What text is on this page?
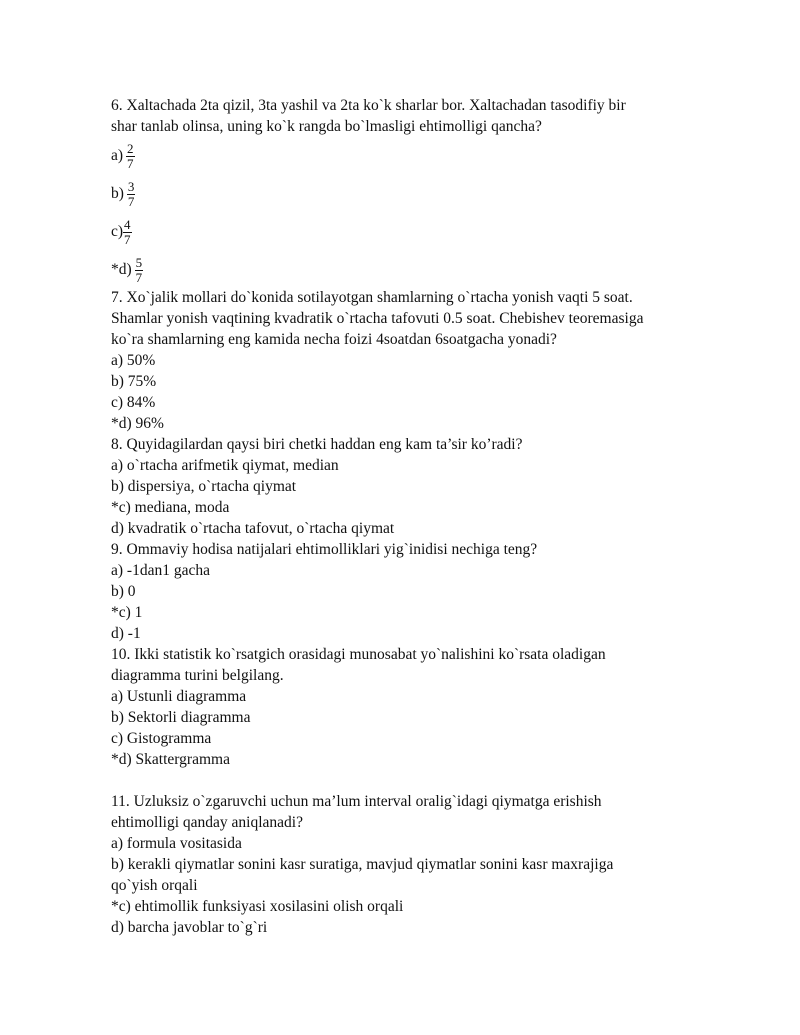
6. Xaltachada 2ta qizil, 3ta yashil va 2ta ko`k sharlar bor. Xaltachadan tasodifiy bir
shar tanlab olinsa, uning ko`k rangda bo`lmasligi ehtimolligi qancha?
$a) \frac{2}{7}$
$b) \frac{3}{7}$
$c) \frac{4}{7}$
$*d) \frac{5}{7}$
7. Xo`jalik mollari do`konida sotilayotgan shamlarning o`rtacha yonish vaqti 5 soat.
Shamlar yonish vaqtining kvadratik o`rtacha tafovuti 0.5 soat. Chebishev teoremasiga
ko`ra shamlarning eng kamida necha foizi 4soatdan 6soatgacha yonadi?
a) 50%
b) 75%
c) 84%
*d) 96%
8. Quyidagilardan qaysi biri chetki haddan eng kam ta’sir ko’radi?
a) o`rtacha arifmetik qiymat, median
b) dispersiya, o`rtacha qiymat
*c) mediana, moda
d) kvadratik o`rtacha tafovut, o`rtacha qiymat
9. Ommaviy hodisa natijalari ehtimolliklari yig`inidisi nechiga teng?
a) -1dan1 gacha
b) 0
*c) 1
d) -1
10. Ikki statistik ko`rsatgich orasidagi munosabat yo`nalishini ko`rsata oladigan
diagramma turini belgilang.
a) Ustunli diagramma
b) Sektorli diagramma
c) Gistogramma
*d) Skattergramma
11. Uzluksiz o`zgaruvchi uchun ma’lum interval oralig`idagi qiymatga erishish
ehtimolligi qanday aniqlanadi?
a) formula vositasida
b) kerakli qiymatlar sonini kasr suratiga, mavjud qiymatlar sonini kasr maxrajiga
qo`yish orqali
*c) ehtimollik funksiyasi xosilasini olish orqali
d) barcha javoblar to`g`ri
